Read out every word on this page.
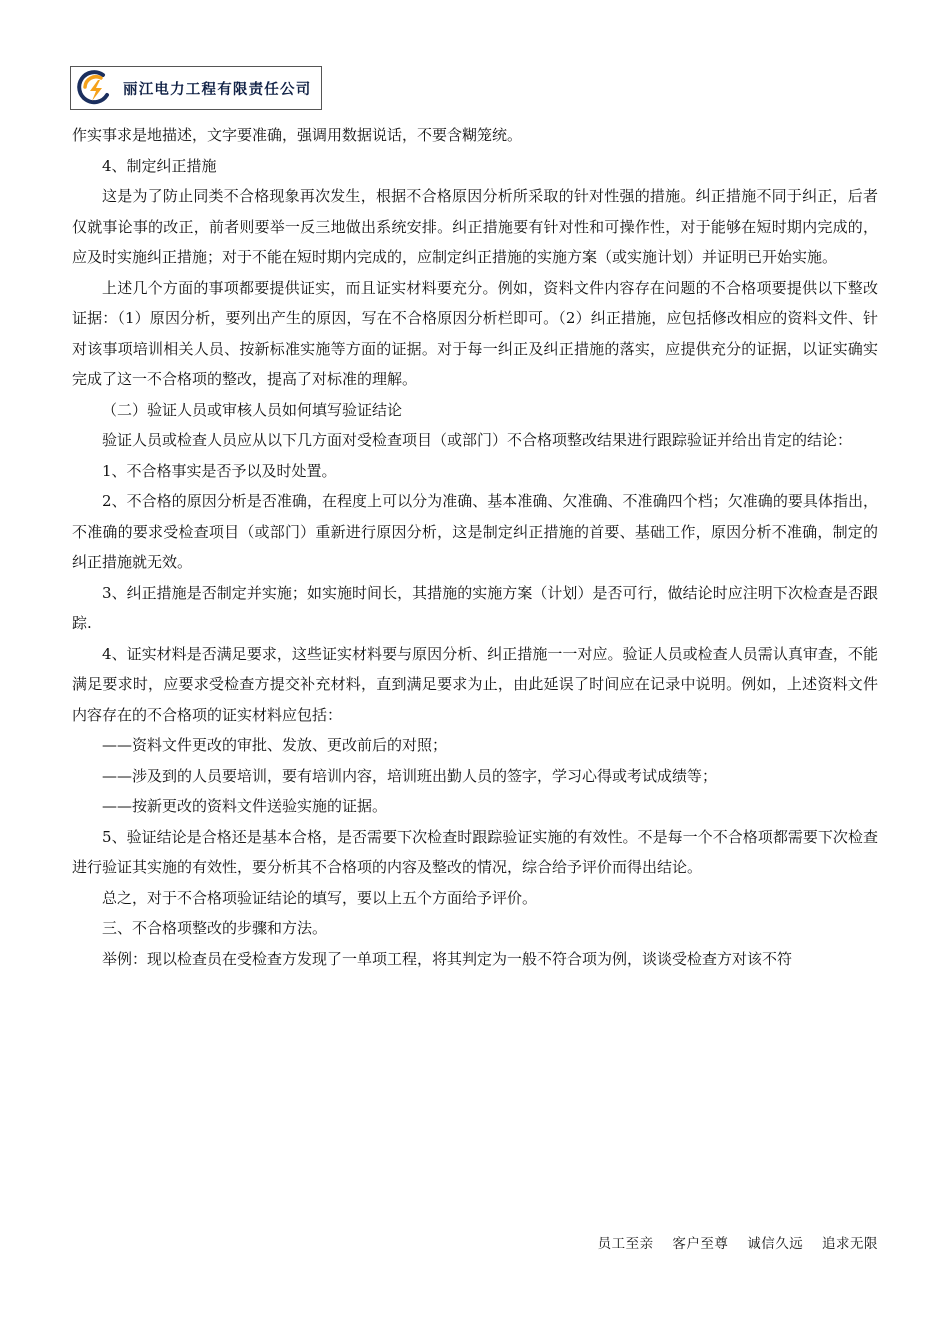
丽江电力工程有限责任公司

作实事求是地描述，文字要准确，强调用数据说话，不要含糊笼统。

4、制定纠正措施

这是为了防止同类不合格现象再次发生，根据不合格原因分析所采取的针对性强的措施。纠正措施不同于纠正，后者仅就事论事的改正，前者则要举一反三地做出系统安排。纠正措施要有针对性和可操作性，对于能够在短时期内完成的，应及时实施纠正措施；对于不能在短时期内完成的，应制定纠正措施的实施方案（或实施计划）并证明已开始实施。

上述几个方面的事项都要提供证实，而且证实材料要充分。例如，资料文件内容存在问题的不合格项要提供以下整改证据：（1）原因分析，要列出产生的原因，写在不合格原因分析栏即可。（2）纠正措施，应包括修改相应的资料文件、针对该事项培训相关人员、按新标准实施等方面的证据。对于每一纠正及纠正措施的落实，应提供充分的证据，以证实确实完成了这一不合格项的整改，提高了对标准的理解。

（二）验证人员或审核人员如何填写验证结论

验证人员或检查人员应从以下几方面对受检查项目（或部门）不合格项整改结果进行跟踪验证并给出肯定的结论：

1、不合格事实是否予以及时处置。

2、不合格的原因分析是否准确，在程度上可以分为准确、基本准确、欠准确、不准确四个档；欠准确的要具体指出，不准确的要求受检查项目（或部门）重新进行原因分析，这是制定纠正措施的首要、基础工作，原因分析不准确，制定的纠正措施就无效。

3、纠正措施是否制定并实施；如实施时间长，其措施的实施方案（计划）是否可行，做结论时应注明下次检查是否跟踪.

4、证实材料是否满足要求，这些证实材料要与原因分析、纠正措施一一对应。验证人员或检查人员需认真审查，不能满足要求时，应要求受检查方提交补充材料，直到满足要求为止，由此延误了时间应在记录中说明。例如，上述资料文件内容存在的不合格项的证实材料应包括：

——资料文件更改的审批、发放、更改前后的对照；

——涉及到的人员要培训，要有培训内容，培训班出勤人员的签字，学习心得或考试成绩等；

——按新更改的资料文件送验实施的证据。

5、验证结论是合格还是基本合格，是否需要下次检查时跟踪验证实施的有效性。不是每一个不合格项都需要下次检查进行验证其实施的有效性，要分析其不合格项的内容及整改的情况，综合给予评价而得出结论。

总之，对于不合格项验证结论的填写，要以上五个方面给予评价。

三、不合格项整改的步骤和方法。

举例：现以检查员在受检查方发现了一单项工程，将其判定为一般不符合项为例，谈谈受检查方对该不符

员工至亲 客户至尊 诚信久远 追求无限
